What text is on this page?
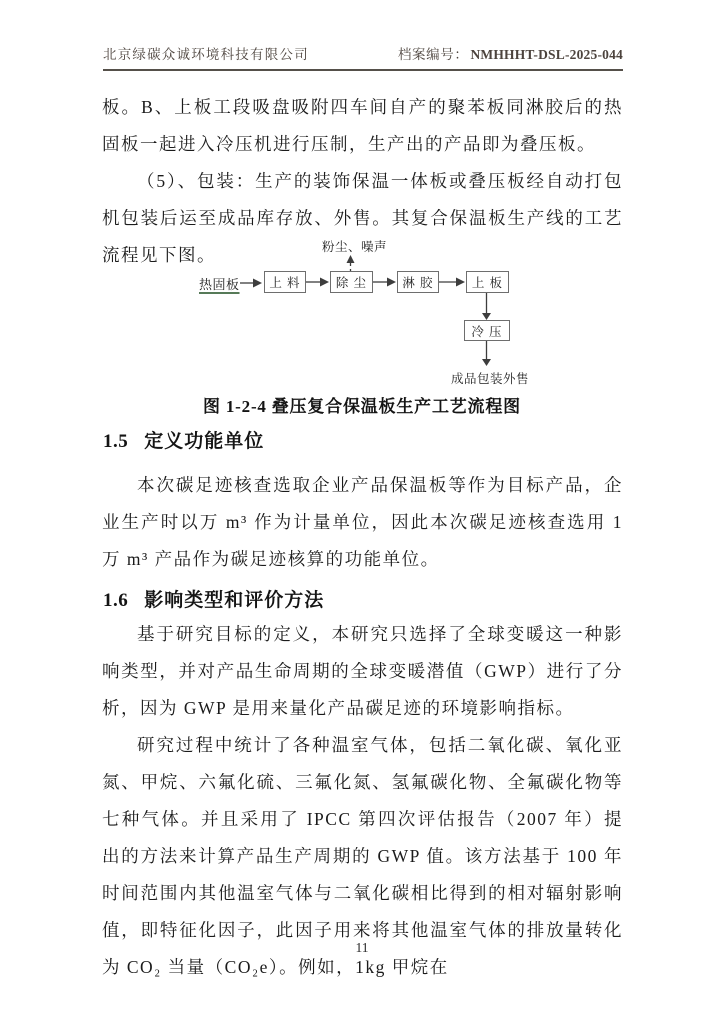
北京绿碳众诚环境科技有限公司	档案编号： NMHHHT-DSL-2025-044

板。B、上板工段吸盘吸附四车间自产的聚苯板同淋胶后的热固板一起进入冷压机进行压制，生产出的产品即为叠压板。

（5）、包装：生产的装饰保温一体板或叠压板经自动打包机包装后运至成品库存放、外售。其复合保温板生产线的工艺流程见下图。	粉尘、噪声
热固板	上 料	除 尘	淋 胶	上 板
冷 压
成品包装外售
图 1-2-4 叠压复合保温板生产工艺流程图
1.5 定义功能单位

本次碳足迹核查选取企业产品保温板等作为目标产品，企业生产时以万 m³ 作为计量单位，因此本次碳足迹核查选用 1 万 m³ 产品作为碳足迹核算的功能单位。

1.6 影响类型和评价方法

基于研究目标的定义，本研究只选择了全球变暖这一种影响类型，并对产品生命周期的全球变暖潜值（GWP）进行了分析，因为 GWP 是用来量化产品碳足迹的环境影响指标。

研究过程中统计了各种温室气体，包括二氧化碳、氧化亚氮、甲烷、六氟化硫、三氟化氮、氢氟碳化物、全氟碳化物等七种气体。并且采用了 IPCC 第四次评估报告（2007 年）提出的方法来计算产品生产周期的 GWP 值。该方法基于 100 年时间范围内其他温室气体与二氧化碳相比得到的相对辐射影响值，即特征化因子，此因子用来将其他温室气体的排放量转化为 CO₂ 当量（CO₂e）。例如，1kg 甲烷在

11
